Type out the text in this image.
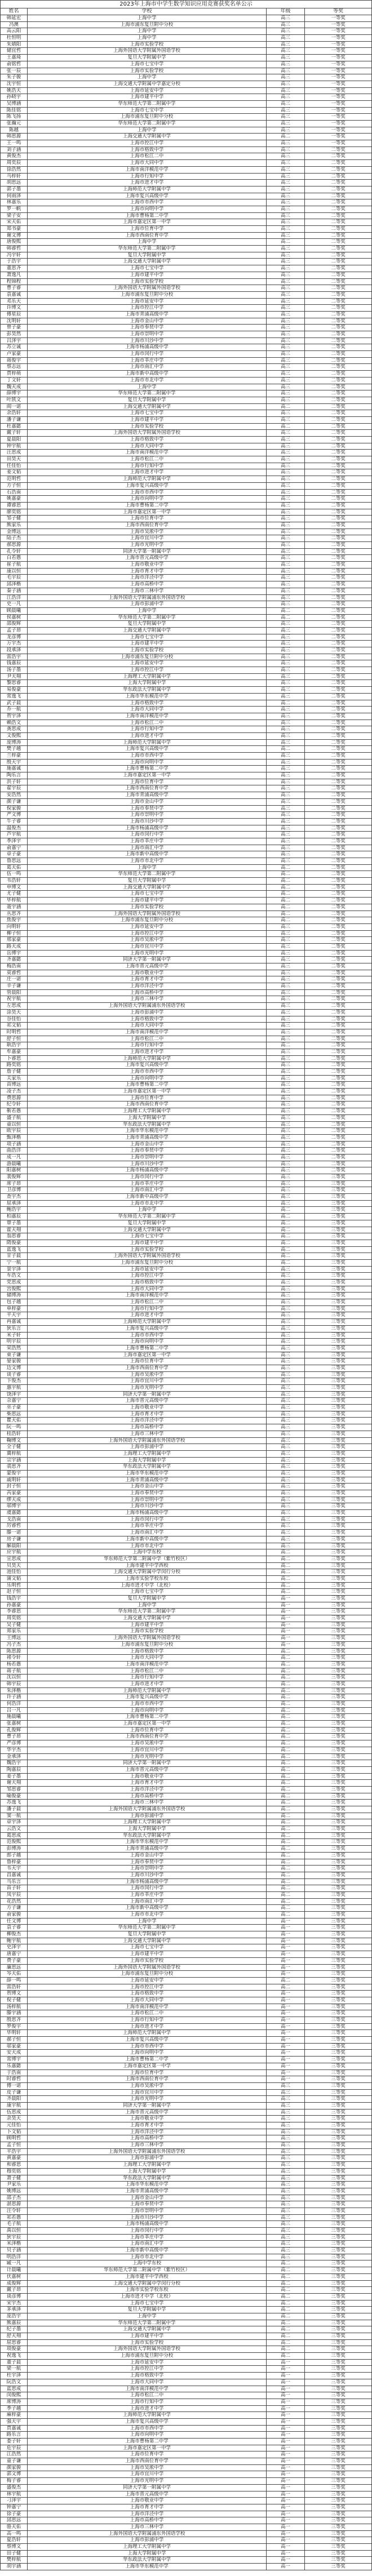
2023年上海市中学生数学知识应用竞赛获奖名单公示
姓名	学校	年级	等奖
韩延宏	上海中学	高三	一等奖
冯澳	上海市浦东复旦附中分校	高三	一等奖
高云阳	上海中学	高三	一等奖
杜恒明	上海中学	高三	一等奖
朱婧阳	上海市实验学校	高三	一等奖
储宜哲	上海外国语大学附属外国语学校	高三	一等奖
王嘉琦	复旦大学附属中学	高三	一等奖
俞铭哲	上海市七宝中学	高三	一等奖
张一辰	上海市实验学校	高三	一等奖
朱子骏	上海中学	高三	一等奖
沈宇恒	上海交通大学附属中学嘉定分校	高三	一等奖
姚浩天	上海市延安中学	高三	一等奖
孙晓宇	上海市建平中学	高三	一等奖
吴博涵	华东师范大学第二附属中学	高三	一等奖
陈佳铭	上海市七宝中学	高三	一等奖
陈飞扬	上海市浦东复旦附中分校	高三	一等奖
张瀚元	华东师范大学第二附属中学	高三	一等奖
陈越	上海中学	高三	一等奖
韩思源	上海交通大学附属中学	高二	一等奖
王一鸣	上海市控江中学	高三	一等奖
刘子涵	上海市格致中学	高三	二等奖
黄俊杰	上海市松江二中	高三	二等奖
周奕辰	上海市大同中学	高三	二等奖
徐浩然	上海市南洋模范中学	高三	二等奖
马梓轩	上海市行知中学	高三	二等奖
胡思远	上海市进才中学	高三	二等奖
郭子墨	上海师范大学附属中学	高三	二等奖
何雨泽	上海市复兴高级中学	高三	二等奖
林嘉乐	上海市市西中学	高三	二等奖
罗一帆	上海市向明中学	高三	二等奖
梁子安	上海市曹杨第二中学	高三	二等奖
宋天佑	上海市嘉定区第一中学	高三	二等奖
郑书豪	上海市位育中学	高三	二等奖
谢文博	上海市西南位育中学	高三	二等奖
唐俊熙	上海中学	高二	二等奖
韩睿哲	华东师范大学第二附属中学	高三	二等奖
冯宇轩	复旦大学附属中学	高三	二等奖
于浩宇	上海交通大学附属中学	高三	二等奖
董思齐	上海市七宝中学	高三	二等奖
萧逸凡	上海市建平中学	高三	二等奖
程锦程	上海市实验学校	高三	二等奖
曹子睿	上海外国语大学附属外国语学校	高三	二等奖
袁嘉诚	上海市浦东复旦附中分校	高三	二等奖
邓乐天	上海市延安中学	高三	二等奖
许博文	上海市控江中学	高三	二等奖
傅星辰	上海市青浦高级中学	高三	二等奖
沈明轩	上海市金山中学	高三	二等奖
曾子豪	上海市奉贤中学	高三	二等奖
彭昊然	上海市崇明中学	高三	二等奖
吕泽宇	上海市川沙中学	高三	二等奖
苏立诚	上海市杨浦高级中学	高三	二等奖
卢家豪	上海市闵行中学	高三	二等奖
蒋俊宇	上海市莘庄中学	高三	二等奖
蔡志远	上海市南汇中学	高三	二等奖
贾梓萌	上海市新中高级中学	高三	二等奖
丁文轩	上海市市北中学	高三	二等奖
魏天成	上海中学	高三	二等奖
薛博宇	华东师范大学第二附属中学	高三	二等奖
叶凯文	复旦大学附属中学	高三	二等奖
阎一诺	上海交通大学附属中学	高二	二等奖
余浩轩	上海市七宝中学	高三	二等奖
潘子谦	上海市建平中学	高三	二等奖
杜嘉懿	上海市实验学校	高二	二等奖
戴子轩	上海外国语大学附属外国语学校	高三	二等奖
夏晨阳	上海市格致中学	高三	二等奖
钟宇航	上海市大同中学	高三	二等奖
汪思成	上海市南洋模范中学	高三	二等奖
田昊天	上海市松江二中	高三	二等奖
任佳怡	上海市行知中学	高三	二等奖
姜文韬	上海市进才中学	高三	二等奖
范明哲	上海师范大学附属中学	高三	二等奖
方子恒	上海市复兴高级中学	高三	二等奖
石浩南	上海市市西中学	高三	二等奖
姚嘉豪	上海市向明中学	高三	二等奖
谭睿思	上海市曹杨第二中学	高三	二等奖
廖奕铭	上海市嘉定区第一中学	高三	二等奖
邹子健	上海市位育中学	高三	二等奖
熊家乐	上海市西南位育中学	高三	二等奖
金博远	上海市吴淞中学	高三	二等奖
陆子杰	上海市宜川中学	高三	二等奖
郝思源	上海市光明中学	高三	二等奖
孔令轩	同济大学第一附属中学	高三	二等奖
白若愚	上海市晋元高级中学	高三	二等奖
崔子航	上海市敬业中学	高三	二等奖
康以恒	上海市育才中学	高三	二等奖
毛宇辰	上海市洋泾中学	高三	二等奖
邱泽楷	上海市高桥中学	高三	二等奖
秦子涵	上海市三林中学	高三	二等奖
江浩洋	上海外国语大学附属浦东外国语学校	高三	二等奖
史一凡	上海市彭浦中学	高三	二等奖
顾晨曦	上海中学	高二	二等奖
侯嘉树	华东师范大学第二附属中学	高二	二等奖
邵俊辉	复旦大学附属中学	高三	二等奖
孟子昂	上海交通大学附属中学	高三	二等奖
龙彦博	上海市七宝中学	高三	二等奖
万宇杰	上海市建平中学	高三	二等奖
段承泽	上海市实验学校	高三	二等奖
雷浩宇	上海市浦东复旦附中分校	高三	二等奖
钱嘉辰	上海市延安中学	高三	二等奖
汤子墨	上海市控江中学	高三	二等奖
尹天翔	上海理工大学附属中学	高三	二等奖
黎思睿	上海大学附属中学	高三	二等奖
易俊豪	华东政法大学附属中学	高三	二等奖
常逸飞	上海市华东模范中学	高三	二等奖
武子晨	上海市格致中学	高二	二等奖
乔一航	上海市大同中学	高三	二等奖
贺宇泽	上海市南洋模范中学	高三	二等奖
赖浩文	上海市松江二中	高三	二等奖
龚思成	上海市行知中学	高三	二等奖
文俊熙	上海市进才中学	高三	二等奖
庞博涛	上海师范大学附属中学	高三	二等奖
樊子越	上海市复兴高级中学	高二	二等奖
兰梓豪	上海市市西中学	高三	二等奖
殷天宇	上海市向明中学	高三	二等奖
施嘉诚	上海市曹杨第二中学	高三	二等奖
陶乐言	上海市嘉定区第一中学	高三	二等奖
洪子轩	上海市位育中学	高三	二等奖
翟宇辰	上海市西南位育中学	高三	二等奖
安浩然	上海市青浦高级中学	高三	二等奖
颜子谦	上海市金山中学	高三	二等奖
倪家骏	上海市奉贤中学	高三	二等奖
严文博	上海市崇明中学	高三	二等奖
牛子睿	上海市川沙中学	高三	二等奖
温俊杰	上海市杨浦高级中学	高三	二等奖
芦宇航	上海市闵行中学	高三	二等奖
季泽宇	上海市莘庄中学	高三	二等奖
俞嘉宁	上海市南汇中学	高三	二等奖
章子豪	上海市新中高级中学	高三	二等奖
鲁思远	上海市市北中学	高三	二等奖
葛天佑	上海中学	高二	二等奖
伍一鸣	华东师范大学第二附属中学	高二	二等奖
韦浩轩	复旦大学附属中学	高二	二等奖
申博文	上海交通大学附属中学	高二	二等奖
尤子健	上海市七宝中学	高二	二等奖
毕梓航	上海市建平中学	高二	二等奖
聂宇涵	上海市实验学校	高二	二等奖
丛思齐	上海外国语大学附属外国语学校	高二	二等奖
焦俊宇	上海市浦东复旦附中分校	高二	二等奖
向明轩	上海市延安中学	高三	二等奖
柳子恒	上海市控江中学	高三	二等奖
邢家豪	上海市吴淞中学	高三	二等奖
路天成	上海市宜川中学	高三	二等奖
岳博宇	上海市光明中学	高三	二等奖
齐嘉懿	同济大学第一附属中学	高三	二等奖
梅浩南	上海市晋元高级中学	高三	二等奖
莫睿哲	上海市敬业中学	高三	二等奖
庄一诺	上海市育才中学	高三	二等奖
辛子谦	上海市洋泾中学	高三	二等奖
管晨阳	上海市高桥中学	高三	二等奖
祝宇航	上海市三林中学	高三	二等奖
左思成	上海外国语大学附属浦东外国语学校	高三	二等奖
涂昊天	上海市彭浦中学	高三	二等奖
谷佳怡	上海市格致中学	高三	二等奖
祁文韬	上海市大同中学	高三	二等奖
时明哲	上海市南洋模范中学	高三	二等奖
舒子恒	上海市松江二中	高三	二等奖
耿浩宇	上海市行知中学	高二	二等奖
牟嘉豪	上海市进才中学	高三	二等奖
卜睿思	上海师范大学附属中学	高三	二等奖
路奕铭	上海市复兴高级中学	高三	二等奖
詹子健	上海市市西中学	高三	二等奖
关家乐	上海市向明中学	高三	二等奖
苗博远	上海市曹杨第二中学	高三	二等奖
凌子杰	上海市嘉定区第一中学	高三	二等奖
费思源	上海市位育中学	高三	二等奖
纪令轩	上海市西南位育中学	高三	二等奖
靳若愚	上海理工大学附属中学	高三	二等奖
盛子航	上海大学附属中学	高三	二等奖
童以恒	华东政法大学附属中学	高三	二等奖
欧宇辰	上海市华东模范中学	高三	二等奖
甄泽楷	上海市青浦高级中学	高三	二等奖
项子涵	上海市金山中学	高三	二等奖
曲浩洋	上海市奉贤中学	高三	二等奖
成一凡	上海市崇明中学	高三	二等奖
游晨曦	上海市川沙中学	高三	二等奖
阳嘉树	上海市杨浦高级中学	高三	二等奖
裴俊辉	上海市闵行中学	高三	三等奖
席子昂	上海市莘庄中学	高三	三等奖
卫彦博	上海市南汇中学	高三	三等奖
查宇杰	上海市新中高级中学	高三	三等奖
屈承泽	上海市市北中学	高三	三等奖
鲍浩宇	上海中学	高二	三等奖
柏嘉辰	华东师范大学第二附属中学	高二	三等奖
覃子墨	复旦大学附属中学	高二	三等奖
霍天翔	上海交通大学附属中学	高二	三等奖
翁思睿	上海市七宝中学	高二	三等奖
隋俊豪	上海市建平中学	高二	三等奖
蓝逸飞	上海市实验学校	高二	三等奖
甘子晨	上海外国语大学附属外国语学校	高二	三等奖
宁一航	上海市浦东复旦附中分校	高二	三等奖
景宇泽	上海市延安中学	高三	三等奖
车浩文	上海市控江中学	高三	三等奖
党思成	上海市格致中学	高三	三等奖
宫俊熙	上海市大同中学	高三	三等奖
储博涛	上海市南洋模范中学	高三	三等奖
包子越	上海市松江二中	高三	三等奖
单梓豪	上海市行知中学	高三	三等奖
平天宇	上海市进才中学	高三	三等奖
冉嘉诚	上海师范大学附属中学	高三	三等奖
狄乐言	上海市复兴高级中学	高三	三等奖
米子轩	上海市市西中学	高三	三等奖
明宇辰	上海市向明中学	高三	三等奖
荣浩然	上海市曹杨第二中学	高三	三等奖
束子谦	上海市嘉定区第一中学	高三	三等奖
晏家骏	上海市位育中学	高三	三等奖
边文博	上海市西南位育中学	高三	三等奖
谈子睿	上海市吴淞中学	高三	三等奖
卞俊杰	上海市宜川中学	高三	三等奖
惠宇航	上海市光明中学	高三	三等奖
饶泽宇	同济大学第一附属中学	高三	三等奖
佘嘉宁	上海市晋元高级中学	高三	三等奖
巫子豪	上海市敬业中学	高三	三等奖
柴思远	上海市育才中学	高三	三等奖
瞿天佑	上海市洋泾中学	高三	三等奖
阮一鸣	上海市高桥中学	高三	三等奖
桂浩轩	上海市三林中学	高三	三等奖
鞠博文	上海外国语大学附属浦东外国语学校	高三	三等奖
全子健	上海市彭浦中学	高三	三等奖
冀梓航	上海理工大学附属中学	高三	三等奖
宗宇涵	上海大学附属中学	高三	三等奖
裘思齐	华东政法大学附属中学	高三	三等奖
蒙俊宇	上海市华东模范中学	高三	三等奖
戚明轩	上海市青浦高级中学	高三	三等奖
封子恒	上海市金山中学	高三	三等奖
芮家豪	上海市奉贤中学	高三	三等奖
缪天成	上海市崇明中学	高三	三等奖
邬博宇	上海市川沙中学	高三	三等奖
虞嘉懿	上海市杨浦高级中学	高三	三等奖
戈浩南	上海市闵行中学	高三	三等奖
厉睿哲	上海市莘庄中学	高三	三等奖
滕一诺	上海市南汇中学	高三	三等奖
房子谦	上海市新中高级中学	高三	三等奖
解晨阳	上海市市北中学	高三	三等奖
应宇航	上海中学东校	高二	三等奖
宣思成	华东师范大学第二附属中学（紫竹校区）	高二	三等奖
贝昊天	上海市建平中学西校	高二	三等奖
池佳怡	上海交通大学附属中学闵行分校	高二	三等奖
蒲文韬	上海市实验学校东校	高二	三等奖
乐明哲	上海市进才中学（北校）	高二	三等奖
赵子恒	上海市七宝中学	高二	三等奖
钱浩宇	复旦大学附属中学	高一	三等奖
孙嘉豪	上海中学	高一	三等奖
李睿思	华东师范大学第二附属中学	高一	三等奖
周奕铭	上海交通大学附属中学	高一	三等奖
吴子健	上海市建平中学	高一	三等奖
郑家乐	上海市实验学校	高一	三等奖
王博远	上海外国语大学附属外国语学校	高一	三等奖
冯子杰	上海市浦东复旦附中分校	高一	三等奖
陈思源	上海市格致中学	高二	三等奖
褚令轩	上海市大同中学	高二	三等奖
杨若愚	上海市南洋模范中学	高二	三等奖
蒋子航	上海市松江二中	高二	三等奖
沈以恒	上海市行知中学	高二	三等奖
韩宇辰	上海市进才中学	高二	三等奖
朱泽楷	上海师范大学附属中学	高二	三等奖
许子涵	上海市复兴高级中学	高二	三等奖
何浩洋	上海市市西中学	高二	三等奖
吕一凡	上海市向明中学	高二	三等奖
施晨曦	上海市曹杨第二中学	高二	三等奖
张嘉树	上海市嘉定区第一中学	高二	三等奖
孔俊辉	上海市位育中学	高二	三等奖
曹子昂	上海市西南位育中学	高二	三等奖
严彦博	上海市吴淞中学	高二	三等奖
华宇杰	上海市宜川中学	高二	三等奖
金承泽	上海市光明中学	高二	三等奖
魏浩宇	同济大学第一附属中学	高二	三等奖
陶嘉辰	上海市晋元高级中学	高二	三等奖
姜子墨	上海市敬业中学	高二	三等奖
谢天翔	上海市育才中学	高二	三等奖
邹思睿	上海市洋泾中学	高二	三等奖
喻俊豪	上海市高桥中学	高二	三等奖
苏逸飞	上海市三林中学	高二	三等奖
潘子晨	上海外国语大学附属浦东外国语学校	高二	三等奖
窦一航	上海市彭浦中学	高二	三等奖
章宇泽	上海理工大学附属中学	高二	三等奖
云浩文	上海大学附属中学	高二	三等奖
葛思成	华东政法大学附属中学	高二	三等奖
范俊熙	上海市华东模范中学	高二	三等奖
彭博涛	上海市青浦高级中学	高二	三等奖
郎子越	上海市金山中学	高二	三等奖
鲁梓豪	上海市奉贤中学	高二	三等奖
韦天宇	上海市崇明中学	高二	三等奖
昌嘉诚	上海市川沙中学	高二	三等奖
马乐言	上海市杨浦高级中学	高二	三等奖
苗子轩	上海市闵行中学	高二	三等奖
凤宇辰	上海市莘庄中学	高二	三等奖
花浩然	上海市南汇中学	高二	三等奖
方子谦	上海市新中高级中学	高二	三等奖
俞家骏	上海市市北中学	高二	三等奖
任文博	上海中学	高一	三等奖
袁子睿	华东师范大学第二附属中学	高一	三等奖
柳俊杰	复旦大学附属中学	高一	三等奖
鲍宇航	上海交通大学附属中学	高一	三等奖
史泽宇	上海市七宝中学	高一	三等奖
唐嘉宁	上海市建平中学	高一	三等奖
费子豪	上海市实验学校	高一	三等奖
廉思远	上海外国语大学附属外国语学校	高一	三等奖
岑天佑	上海市浦东复旦附中分校	高一	三等奖
薛一鸣	上海市延安中学	高二	三等奖
雷浩轩	上海市控江中学	高二	三等奖
贺博文	上海市格致中学	高一	三等奖
倪子健	上海市大同中学	高一	三等奖
汤梓航	上海市南洋模范中学	高一	三等奖
滕宇涵	上海市松江二中	高一	三等奖
殷思齐	上海市行知中学	高一	三等奖
罗俊宇	上海市进才中学	高一	三等奖
毕明轩	上海师范大学附属中学	高一	三等奖
郝子恒	上海市复兴高级中学	高一	三等奖
邬家豪	上海市市西中学	高一	三等奖
安天成	上海市向明中学	高一	三等奖
常博宇	上海市曹杨第二中学	高一	三等奖
乐嘉懿	上海市嘉定区第一中学	高一	三等奖
于浩南	上海市位育中学	高一	三等奖
时睿哲	上海市西南位育中学	高一	三等奖
傅一诺	上海市吴淞中学	高三	三等奖
皮子谦	上海市宜川中学	高三	三等奖
齐晨阳	上海市光明中学	高三	三等奖
康宇航	同济大学第一附属中学	高三	三等奖
伍思成	上海市晋元高级中学	高三	三等奖
余昊天	上海市敬业中学	高三	三等奖
元佳怡	上海市育才中学	高三	三等奖
卜文韬	上海市洋泾中学	高三	三等奖
顾明哲	上海市高桥中学	高三	三等奖
孟子恒	上海市三林中学	高三	三等奖
平浩宇	上海外国语大学附属浦东外国语学校	高三	三等奖
黄嘉豪	上海市彭浦中学	高三	三等奖
和睿思	上海理工大学附属中学	高三	三等奖
穆奕铭	上海大学附属中学	高三	三等奖
萧子健	华东政法大学附属中学	高三	三等奖
尹家乐	上海市华东模范中学	高三	三等奖
姚博远	上海市青浦高级中学	高三	三等奖
邵子杰	上海市金山中学	高三	三等奖
湛思源	上海市奉贤中学	高三	三等奖
汪令轩	上海市崇明中学	高三	三等奖
祁若愚	上海市川沙中学	高三	三等奖
毛子航	上海市杨浦高级中学	高三	三等奖
禹以恒	上海市闵行中学	高三	三等奖
狄宇辰	上海市莘庄中学	高三	三等奖
米泽楷	上海市南汇中学	高三	三等奖
贝子涵	上海市新中高级中学	高三	三等奖
明浩洋	上海市市北中学	高三	三等奖
臧一凡	上海中学东校	高二	三等奖
计晨曦	华东师范大学第二附属中学（紫竹校区）	高二	三等奖
伏嘉树	上海市建平中学西校	高二	三等奖
成俊辉	上海交通大学附属中学闵行分校	高二	三等奖
戴子昂	上海市实验学校东校	高二	三等奖
谈彦博	上海市进才中学（北校）	高二	三等奖
宋宇杰	上海市七宝中学	高二	三等奖
茅承泽	复旦大学附属中学	高二	三等奖
庞浩宇	上海中学	高二	三等奖
熊嘉辰	华东师范大学第二附属中学	高二	三等奖
纪子墨	上海交通大学附属中学	高二	三等奖
舒天翔	上海市建平中学	高二	三等奖
屈思睿	上海市实验学校	高二	三等奖
项俊豪	上海外国语大学附属外国语学校	高二	三等奖
祝逸飞	上海市浦东复旦附中分校	高二	三等奖
董子晨	上海市延安中学	高一	三等奖
梁一航	上海市控江中学	高一	三等奖
杜宇泽	上海市格致中学	高一	三等奖
阮浩文	上海市大同中学	高一	三等奖
蓝思成	上海市南洋模范中学	高一	三等奖
闵俊熙	上海市松江二中	高一	三等奖
席博涛	上海市行知中学	高一	三等奖
季子越	上海市进才中学	高一	三等奖
麻梓豪	上海师范大学附属中学	高一	三等奖
强天宇	上海市复兴高级中学	高一	三等奖
贾嘉诚	上海市市西中学	高一	三等奖
路乐言	上海市向明中学	高一	三等奖
娄子轩	上海市曹杨第二中学	高一	三等奖
危宇辰	上海市嘉定区第一中学	高一	三等奖
江浩然	上海市位育中学	高一	三等奖
童子谦	上海市西南位育中学	高一	三等奖
颜家骏	上海市吴淞中学	高一	三等奖
郭文博	上海市宜川中学	高一	三等奖
梅子睿	上海市光明中学	高一	三等奖
盛俊杰	同济大学第一附属中学	高一	三等奖
林宇航	上海市晋元高级中学	高一	三等奖
刁泽宇	上海市敬业中学	高一	三等奖
钟嘉宁	上海市育才中学	高一	三等奖
徐子豪	上海市洋泾中学	高一	三等奖
邱思远	上海市高桥中学	高一	三等奖
骆天佑	上海市三林中学	高一	三等奖
高一鸣	上海外国语大学附属浦东外国语学校	高一	三等奖
夏浩轩	上海市彭浦中学	高一	三等奖
蔡博文	上海理工大学附属中学	高一	三等奖
田子健	上海大学附属中学	高一	三等奖
樊梓航	华东政法大学附属中学	高一	三等奖
胡宇涵	上海市华东模范中学	高一	三等奖
